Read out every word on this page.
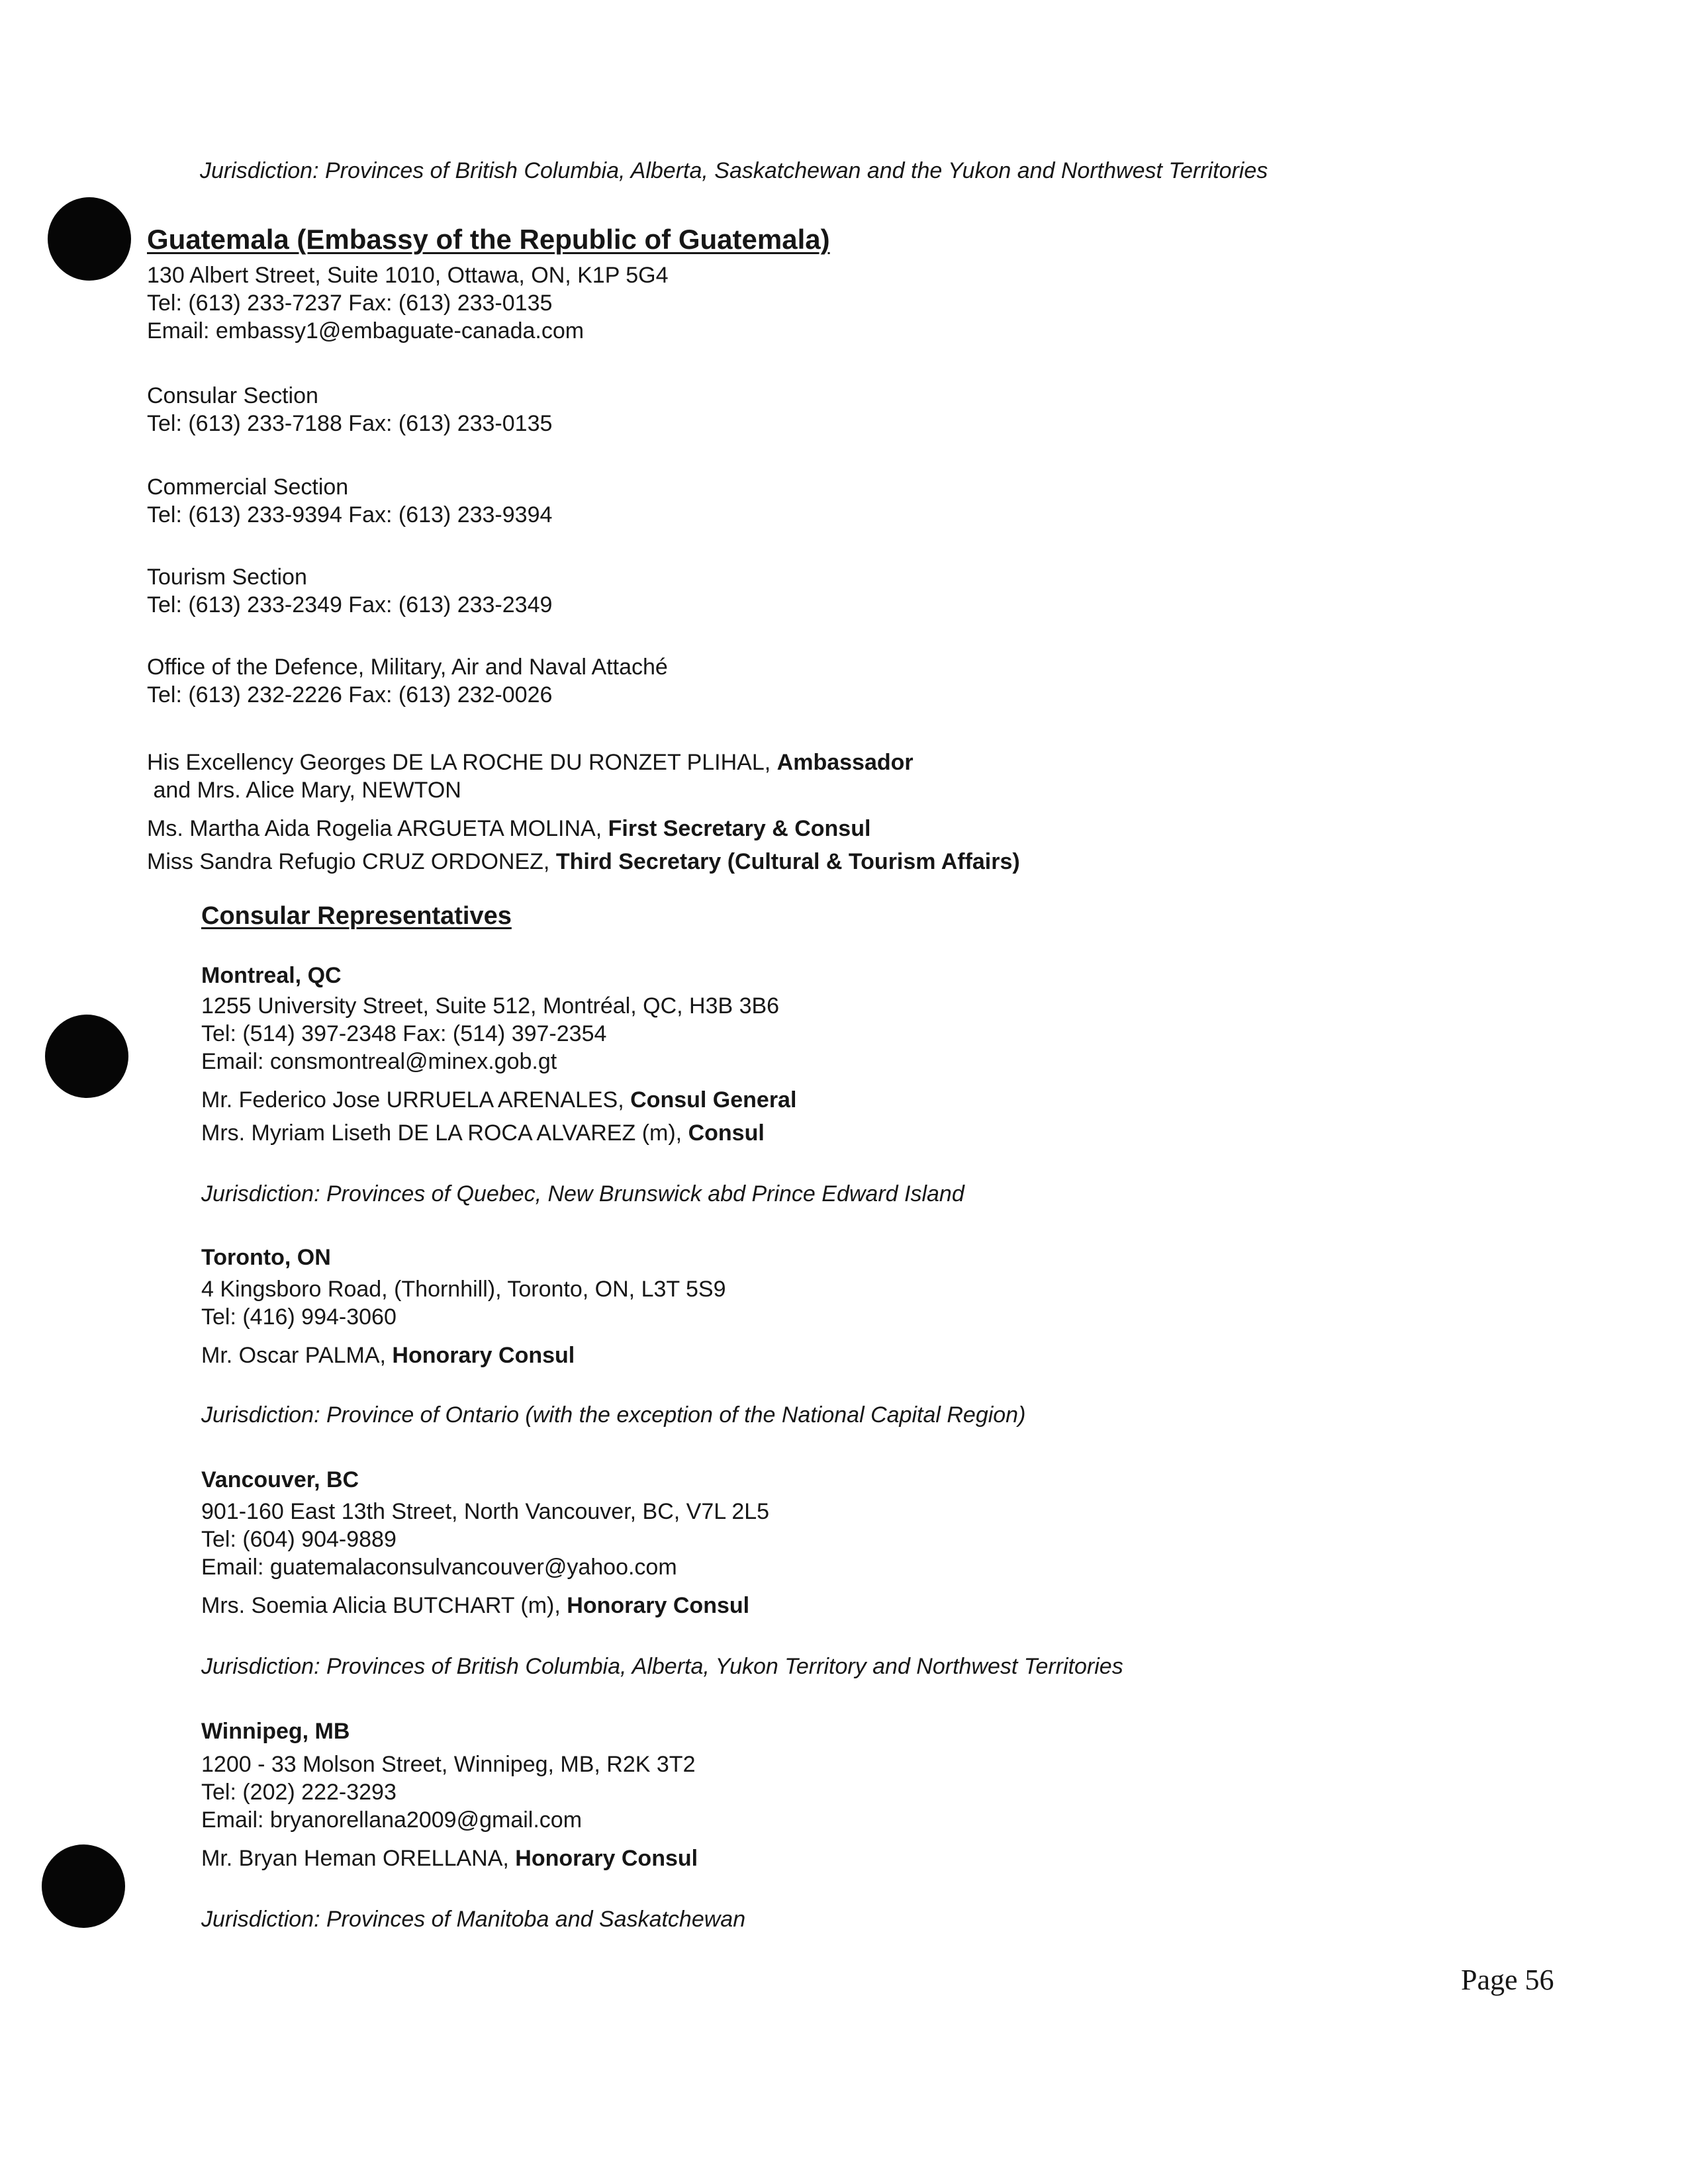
Jurisdiction: Provinces of British Columbia, Alberta, Saskatchewan and the Yukon and Northwest Territories
Guatemala (Embassy of the Republic of Guatemala)
130 Albert Street, Suite 1010, Ottawa, ON, K1P 5G4
Tel: (613) 233-7237 Fax: (613) 233-0135
Email: embassy1@embaguate-canada.com
Consular Section
Tel: (613) 233-7188 Fax: (613) 233-0135
Commercial Section
Tel: (613) 233-9394 Fax: (613) 233-9394
Tourism Section
Tel: (613) 233-2349 Fax: (613) 233-2349
Office of the Defence, Military, Air and Naval Attaché
Tel: (613) 232-2226 Fax: (613) 232-0026
His Excellency Georges DE LA ROCHE DU RONZET PLIHAL, Ambassador
and Mrs. Alice Mary, NEWTON
Ms. Martha Aida Rogelia ARGUETA MOLINA, First Secretary & Consul
Miss Sandra Refugio CRUZ ORDONEZ, Third Secretary (Cultural & Tourism Affairs)
Consular Representatives
Montreal, QC
1255 University Street, Suite 512, Montréal, QC, H3B 3B6
Tel: (514) 397-2348 Fax: (514) 397-2354
Email: consmontreal@minex.gob.gt
Mr. Federico Jose URRUELA ARENALES, Consul General
Mrs. Myriam Liseth DE LA ROCA ALVAREZ (m), Consul
Jurisdiction: Provinces of Quebec, New Brunswick abd Prince Edward Island
Toronto, ON
4 Kingsboro Road, (Thornhill), Toronto, ON, L3T 5S9
Tel: (416) 994-3060
Mr. Oscar PALMA, Honorary Consul
Jurisdiction: Province of Ontario (with the exception of the National Capital Region)
Vancouver, BC
901-160 East 13th Street, North Vancouver, BC, V7L 2L5
Tel: (604) 904-9889
Email: guatemalaconsulvancouver@yahoo.com
Mrs. Soemia Alicia BUTCHART (m), Honorary Consul
Jurisdiction: Provinces of British Columbia, Alberta, Yukon Territory and Northwest Territories
Winnipeg, MB
1200 - 33 Molson Street, Winnipeg, MB, R2K 3T2
Tel: (202) 222-3293
Email: bryanorellana2009@gmail.com
Mr. Bryan Heman ORELLANA, Honorary Consul
Jurisdiction: Provinces of Manitoba and Saskatchewan
Page 56
